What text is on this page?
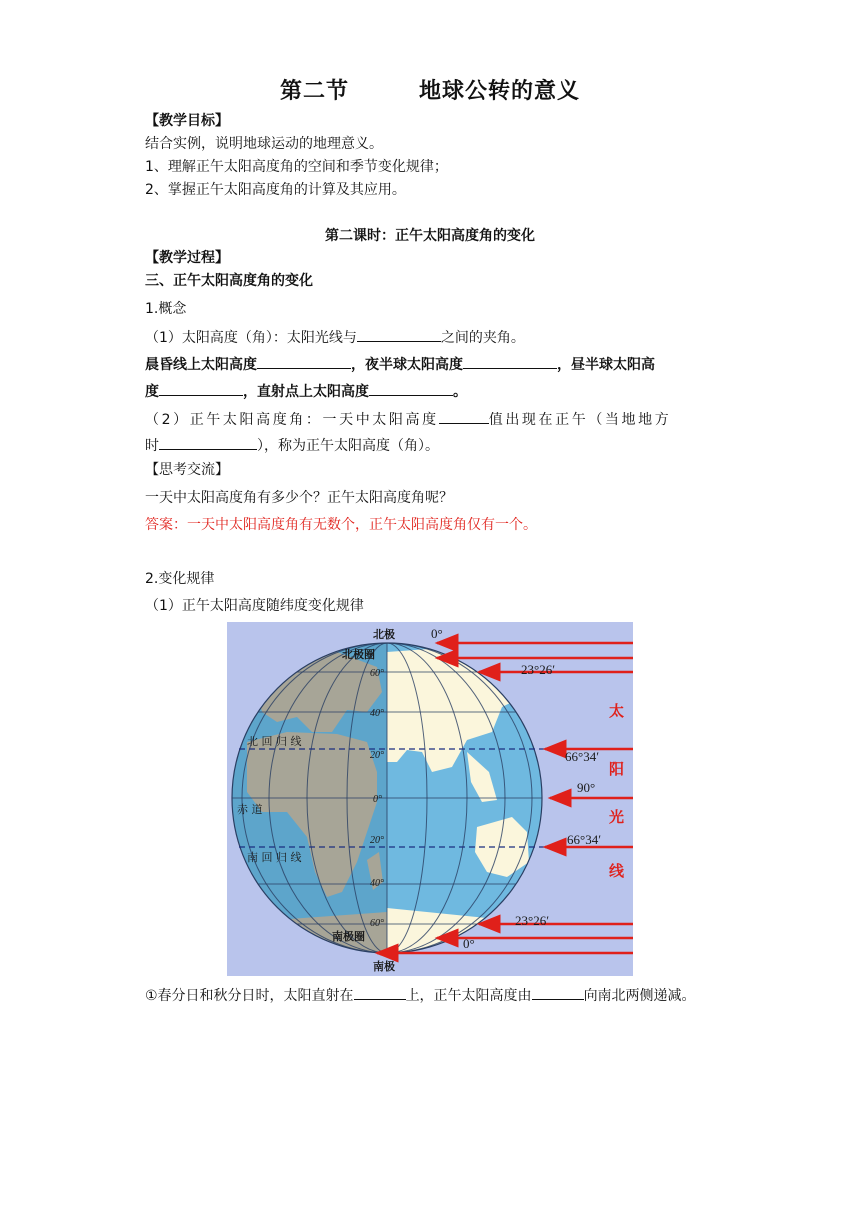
第二节	地球公转的意义
【教学目标】
结合实例，说明地球运动的地理意义。
1、理解正午太阳高度角的空间和季节变化规律；
2、掌握正午太阳高度角的计算及其应用。
第二课时：正午太阳高度角的变化
【教学过程】
三、正午太阳高度角的变化
1.概念
（1）太阳高度（角）：太阳光线与	之间的夹角。
晨昏线上太阳高度	，夜半球太阳高度	，昼半球太阳高
度	，直射点上太阳高度	。
（2）正午太阳高度角：一天中太阳高度	值出现在正午（当地地方
时	），称为正午太阳高度（角）。
【思考交流】
一天中太阳高度角有多少个？正午太阳高度角呢？
答案：一天中太阳高度角有无数个，正午太阳高度角仅有一个。
2.变化规律
（1）正午太阳高度随纬度变化规律
60°
40°
20°
0°
20°
40°
60°
北极
北极圈
北 回 归 线
赤 道
南 回 归 线
南极圈
南极
0°
23°26′
66°34′
90°
66°34′
23°26′
0°
太
阳
光
线
①春分日和秋分日时，太阳直射在	上，正午太阳高度由	向南北两侧递减。
